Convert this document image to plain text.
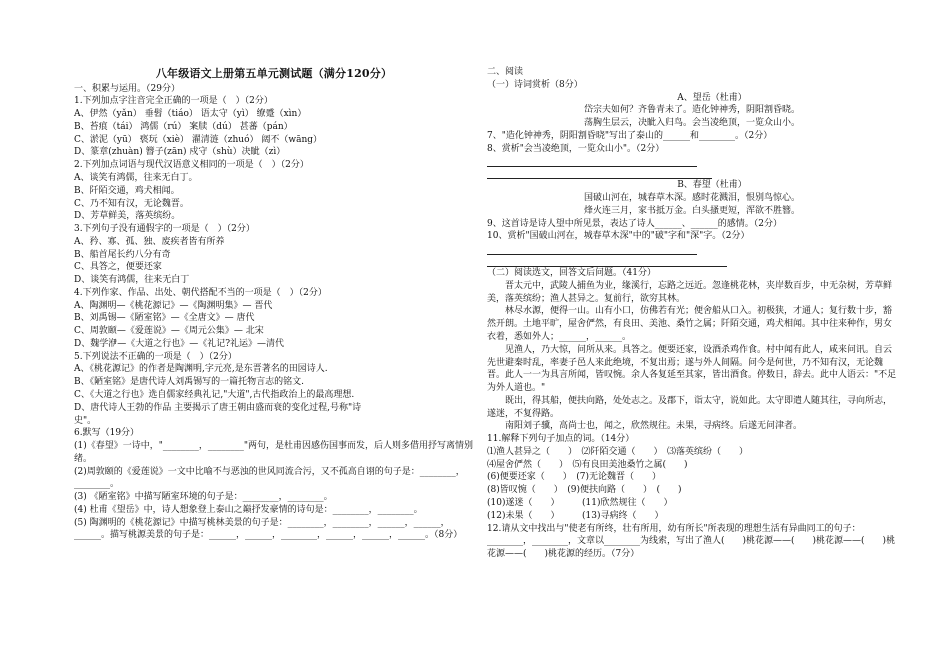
八年级语文上册第五单元测试题（满分120分）

一、积累与运用。（29分）

1.下列加点字注音完全正确的一项是（　）（2分）

A、伊然（yǎn） 垂髫（tiáo） 语太守（yì） 缭蹙（xìn）

B、苔痕（tái） 鸿儒（rú） 案牍（dú） 甚蕃（pán）

C、淤泥（yū） 亵玩（xiè） 濯清涟（zhuó） 阔不（wāng）

D、篆章(zhuàn) 簪子(zān) 戍守（shù）决眦（zì）

2.下列加点词语与现代汉语意义相同的一项是（　）（2分）

A、谈笑有鸿儒，往来无白丁。

B、阡陌交通，鸡犬相闻。

C、乃不知有汉，无论魏晋。

D、芳草鲜美，落英缤纷。

3.下列句子没有通假字的一项是（　）（2分）

A、矜、寡、孤、独、废疾者皆有所养

B、船首尾长约八分有奇

C、具答之，便要还家

D、谈笑有鸿儒，往来无白丁

4.下列作家、作品、出处、朝代搭配不当的一项是（　）（2分）

A、陶渊明—《桃花源记》—《陶渊明集》— 晋代

B、刘禹锡—《陋室铭》—《全唐文》— 唐代

C、周敦颐—《爱莲说》—《周元公集》— 北宋

D、魏学洢—《大道之行也》—《礼记?礼运》—清代

5.下列说法不正确的一项是（　）（2分）

A、《桃花源记》的作者是陶渊明,字元亮,是东晋著名的田园诗人.

B、《陋室铭》是唐代诗人刘禹锡写的一篇托物言志的铭文.

C、《大道之行也》选自儒家经典礼记,"大道",古代指政治上的最高理想.

D、唐代诗人王勃的作品 主要揭示了唐王朝由盛而衰的变化过程,号称"诗

史"。

6.默写（19分）

(1)《春望》一诗中，"________，________"两句，是杜甫因感伤国事而发，后人则多借用抒写离情别绪。

(2)周敦颐的《爱莲说》一文中比喻不与恶浊的世风同流合污，又不孤高自诩的句子是：________，________。

(3) 《陋室铭》中描写陋室环境的句子是：________，________。

(4) 杜甫《望岳》中，诗人想象登上泰山之巅抒发豪情的诗句是：________，________。

(5) 陶渊明的《桃花源记》中描写桃林美景的句子是：________，________，______，______，______。描写桃源美景的句子是：______，______，________，______，______，______。（8分）

二、阅读

（一）诗词赏析（8分）

A、望岳（杜甫）

岱宗夫如何？齐鲁青未了。造化钟神秀，阴阳割昏晓。

荡胸生层云，决眦入归鸟。会当凌绝顶，一览众山小。

7、"造化钟神秀，阴阳割昏晓"写出了泰山的______和________。（2分）

8、赏析"会当凌绝顶，一览众山小"。（2分）

B、春望（杜甫）

国破山河在，城春草木深。感时花溅泪，恨别鸟惊心。

烽火连三月，家书抵万金。白头搔更短，浑欲不胜簪。

9、这首诗是诗人望中所见景，表达了诗人______、______的感情。（2分）

10、赏析"国破山河在，城春草木深"中的"破"字和"深"字。（2分）

（二）阅读选文，回答文后问题。（41分）

晋太元中，武陵人捕鱼为业，缘溪行，忘路之远近。忽逢桃花林，夹岸数百步，中无杂树，芳草鲜美，落英缤纷；渔人甚异之。复前行，欲穷其林。

林尽水源，便得一山。山有小口，仿佛若有光；便舍船从口入。初极狭，才通人；复行数十步，豁然开朗。土地平旷，屋舍俨然，有良田、美池、桑竹之属；阡陌交通，鸡犬相闻。其中往来种作，男女衣着，悉如外人；______，______。

见渔人，乃大惊，问所从来。具答之。便要还家，设酒杀鸡作食。村中闻有此人，咸来问讯。自云先世避秦时乱，率妻子邑人来此绝境，不复出焉；遂与外人间隔。问今是何世，乃不知有汉，无论魏晋。此人一一为具言所闻，皆叹惋。余人各复延至其家，皆出酒食。停数日，辞去。此中人语云："不足为外人道也。"

既出，得其船，便扶向路，处处志之。及郡下，诣太守，说如此。太守即遣人随其往，寻向所志，遂迷，不复得路。

南阳刘子骥，高尚士也，闻之，欣然规往。未果，寻病终。后遂无问津者。

11.解释下列句子加点的词。（14分）

⑴渔人甚异之（　　）　⑵阡陌交通（　　）　⑶落英缤纷（　　）

⑷屋舍俨然（　　）　⑸有良田美池桑竹之属(　　)

(6)便要还家（　　）　(7)无论魏晋（　　）

(8)皆叹惋（　　）　(9)便扶向路（　　）　(　　)

(10)遂迷（　　）　　　(11)欣然规往（　　）

(12)未果（　　）　　　(13)寻病终（　　）

12.请从文中找出与"使老有所终，壮有所用，幼有所长"所表现的理想生活有异曲同工的句子：________，________，文章以________为线索，写出了渔人(　　)桃花源——(　　)桃花源——(　　)桃花源——(　　)桃花源的经历。（7分）
